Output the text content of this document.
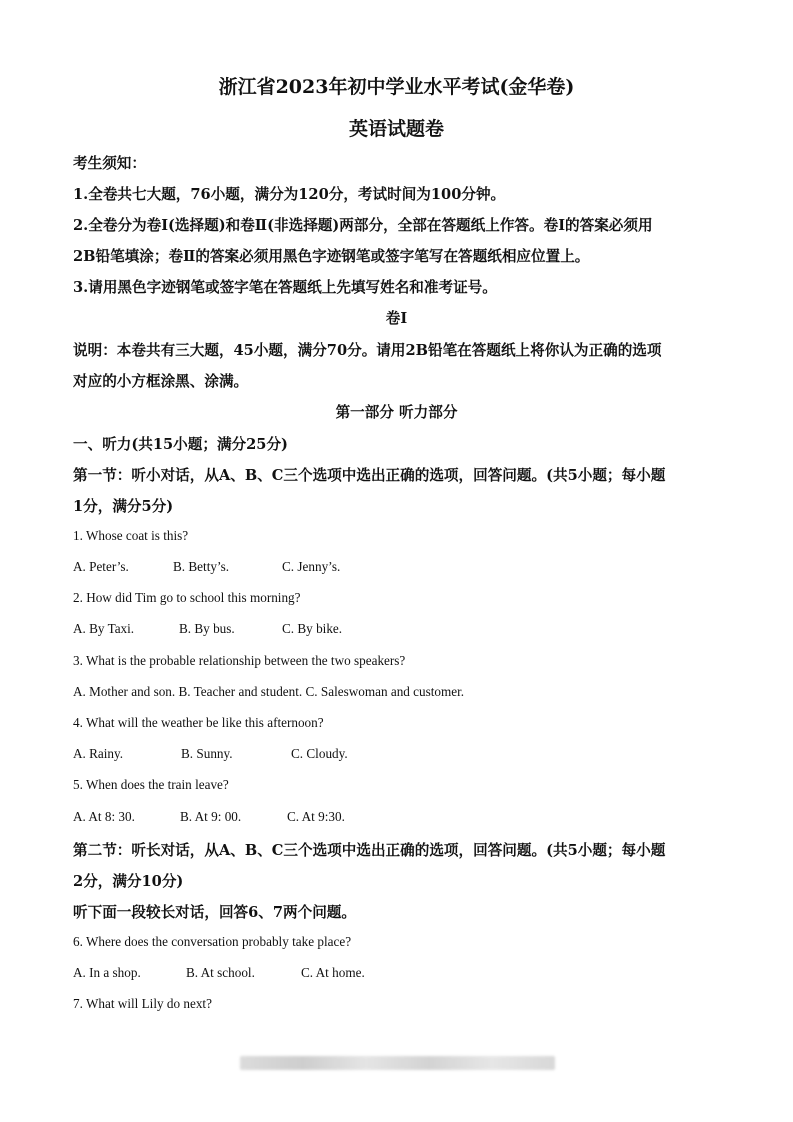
浙江省2023年初中学业水平考试(金华卷)
英语试题卷
考生须知：
1.全卷共七大题，76小题，满分为120分，考试时间为100分钟。
2.全卷分为卷Ⅰ(选择题)和卷Ⅱ(非选择题)两部分，全部在答题纸上作答。卷Ⅰ的答案必须用
2B铅笔填涂；卷Ⅱ的答案必须用黑色字迹钢笔或签字笔写在答题纸相应位置上。
3.请用黑色字迹钢笔或签字笔在答题纸上先填写姓名和准考证号。
卷Ⅰ
说明：本卷共有三大题，45小题，满分70分。请用2B铅笔在答题纸上将你认为正确的选项
对应的小方框涂黑、涂满。
第一部分 听力部分
一、听力(共15小题；满分25分)
第一节：听小对话，从A、B、C三个选项中选出正确的选项，回答问题。(共5小题；每小题
1分，满分5分)
1. Whose coat is this?
A. Peter’s.	B. Betty’s.	C. Jenny’s.
2. How did Tim go to school this morning?
A. By Taxi.	B. By bus.	C. By bike.
3. What is the probable relationship between the two speakers?
A. Mother and son. B. Teacher and student. C. Saleswoman and customer.
4. What will the weather be like this afternoon?
A. Rainy.	B. Sunny.	C. Cloudy.
5. When does the train leave?
A. At 8: 30.	B. At 9: 00.	C. At 9:30.
第二节：听长对话，从A、B、C三个选项中选出正确的选项，回答问题。(共5小题；每小题
2分，满分10分)
听下面一段较长对话，回答6、7两个问题。
6. Where does the conversation probably take place?
A. In a shop.	B. At school.	C. At home.
7. What will Lily do next?
